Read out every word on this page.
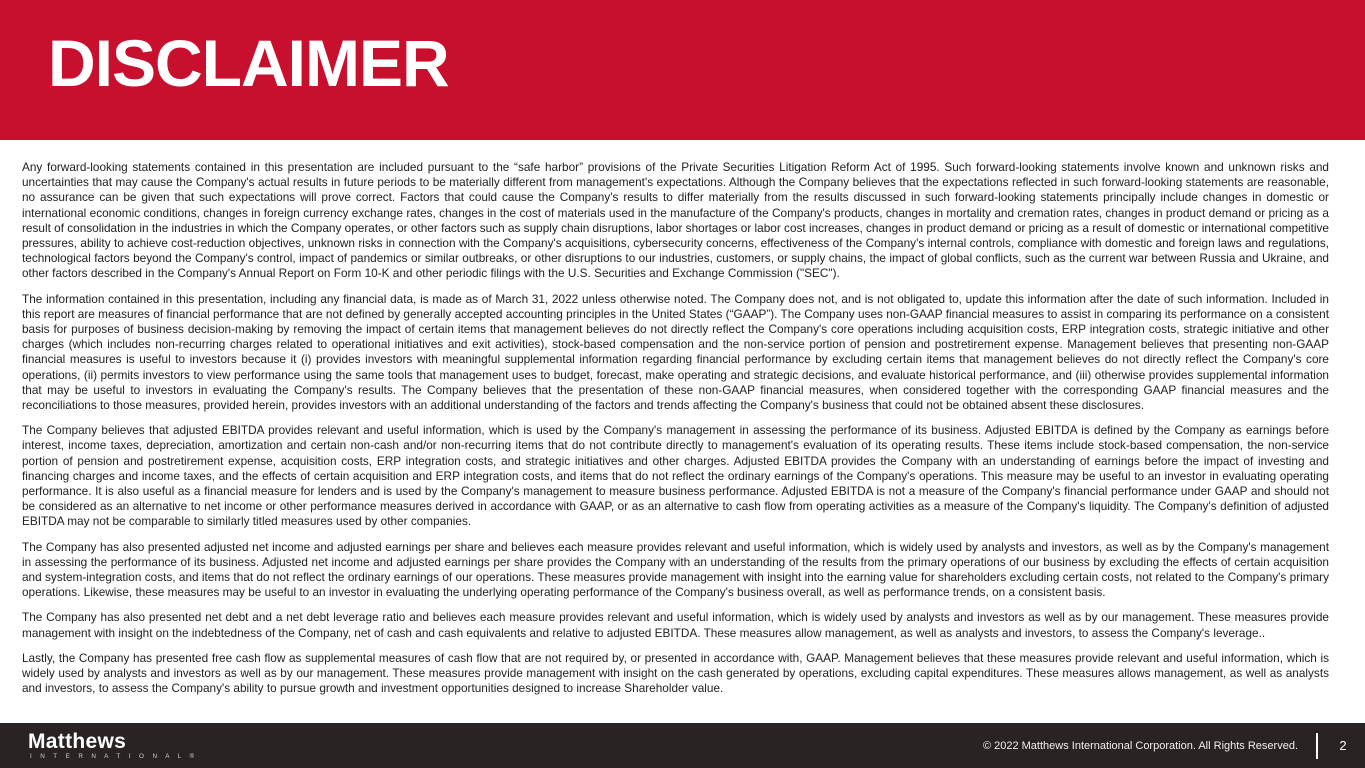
DISCLAIMER

Any forward-looking statements contained in this presentation are included pursuant to the “safe harbor” provisions of the Private Securities Litigation Reform Act of 1995. Such forward-looking statements involve known and unknown risks and uncertainties that may cause the Company's actual results in future periods to be materially different from management's expectations. Although the Company believes that the expectations reflected in such forward-looking statements are reasonable, no assurance can be given that such expectations will prove correct. Factors that could cause the Company's results to differ materially from the results discussed in such forward-looking statements principally include changes in domestic or international economic conditions, changes in foreign currency exchange rates, changes in the cost of materials used in the manufacture of the Company's products, changes in mortality and cremation rates, changes in product demand or pricing as a result of consolidation in the industries in which the Company operates, or other factors such as supply chain disruptions, labor shortages or labor cost increases, changes in product demand or pricing as a result of domestic or international competitive pressures, ability to achieve cost-reduction objectives, unknown risks in connection with the Company's acquisitions, cybersecurity concerns, effectiveness of the Company's internal controls, compliance with domestic and foreign laws and regulations, technological factors beyond the Company's control, impact of pandemics or similar outbreaks, or other disruptions to our industries, customers, or supply chains, the impact of global conflicts, such as the current war between Russia and Ukraine, and other factors described in the Company's Annual Report on Form 10-K and other periodic filings with the U.S. Securities and Exchange Commission ("SEC").

The information contained in this presentation, including any financial data, is made as of March 31, 2022 unless otherwise noted. The Company does not, and is not obligated to, update this information after the date of such information. Included in this report are measures of financial performance that are not defined by generally accepted accounting principles in the United States (“GAAP”). The Company uses non-GAAP financial measures to assist in comparing its performance on a consistent basis for purposes of business decision-making by removing the impact of certain items that management believes do not directly reflect the Company's core operations including acquisition costs, ERP integration costs, strategic initiative and other charges (which includes non-recurring charges related to operational initiatives and exit activities), stock-based compensation and the non-service portion of pension and postretirement expense. Management believes that presenting non-GAAP financial measures is useful to investors because it (i) provides investors with meaningful supplemental information regarding financial performance by excluding certain items that management believes do not directly reflect the Company's core operations, (ii) permits investors to view performance using the same tools that management uses to budget, forecast, make operating and strategic decisions, and evaluate historical performance, and (iii) otherwise provides supplemental information that may be useful to investors in evaluating the Company's results. The Company believes that the presentation of these non-GAAP financial measures, when considered together with the corresponding GAAP financial measures and the reconciliations to those measures, provided herein, provides investors with an additional understanding of the factors and trends affecting the Company's business that could not be obtained absent these disclosures.

The Company believes that adjusted EBITDA provides relevant and useful information, which is used by the Company's management in assessing the performance of its business. Adjusted EBITDA is defined by the Company as earnings before interest, income taxes, depreciation, amortization and certain non-cash and/or non-recurring items that do not contribute directly to management's evaluation of its operating results. These items include stock-based compensation, the non-service portion of pension and postretirement expense, acquisition costs, ERP integration costs, and strategic initiatives and other charges. Adjusted EBITDA provides the Company with an understanding of earnings before the impact of investing and financing charges and income taxes, and the effects of certain acquisition and ERP integration costs, and items that do not reflect the ordinary earnings of the Company's operations. This measure may be useful to an investor in evaluating operating performance. It is also useful as a financial measure for lenders and is used by the Company's management to measure business performance. Adjusted EBITDA is not a measure of the Company's financial performance under GAAP and should not be considered as an alternative to net income or other performance measures derived in accordance with GAAP, or as an alternative to cash flow from operating activities as a measure of the Company's liquidity. The Company's definition of adjusted EBITDA may not be comparable to similarly titled measures used by other companies.

The Company has also presented adjusted net income and adjusted earnings per share and believes each measure provides relevant and useful information, which is widely used by analysts and investors, as well as by the Company's management in assessing the performance of its business. Adjusted net income and adjusted earnings per share provides the Company with an understanding of the results from the primary operations of our business by excluding the effects of certain acquisition and system-integration costs, and items that do not reflect the ordinary earnings of our operations. These measures provide management with insight into the earning value for shareholders excluding certain costs, not related to the Company's primary operations. Likewise, these measures may be useful to an investor in evaluating the underlying operating performance of the Company's business overall, as well as performance trends, on a consistent basis.

The Company has also presented net debt and a net debt leverage ratio and believes each measure provides relevant and useful information, which is widely used by analysts and investors as well as by our management. These measures provide management with insight on the indebtedness of the Company, net of cash and cash equivalents and relative to adjusted EBITDA. These measures allow management, as well as analysts and investors, to assess the Company's leverage..

Lastly, the Company has presented free cash flow as supplemental measures of cash flow that are not required by, or presented in accordance with, GAAP. Management believes that these measures provide relevant and useful information, which is widely used by analysts and investors as well as by our management. These measures provide management with insight on the cash generated by operations, excluding capital expenditures. These measures allows management, as well as analysts and investors, to assess the Company's ability to pursue growth and investment opportunities designed to increase Shareholder value.

Matthews
I N T E R N A T I O N A L ®
© 2022 Matthews International Corporation. All Rights Reserved.	2
